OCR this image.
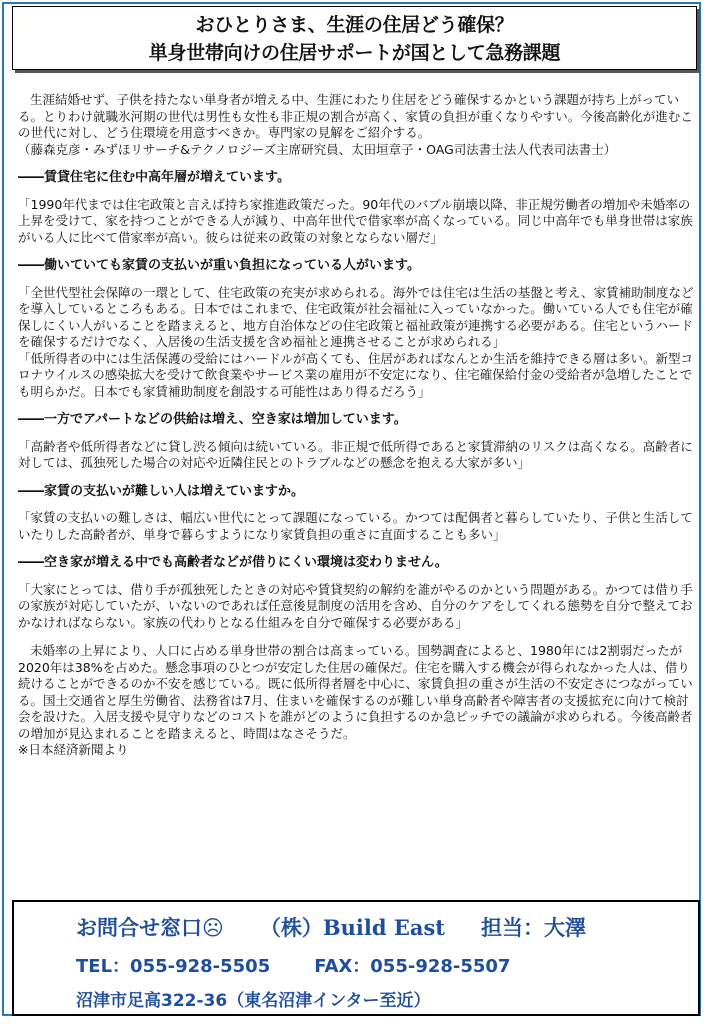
おひとりさま、生涯の住居どう確保？
単身世帯向けの住居サポートが国として急務課題

生涯結婚せず、子供を持たない単身者が増える中、生涯にわたり住居をどう確保するかという課題が持ち上がっている。とりわけ就職氷河期の世代は男性も女性も非正規の割合が高く、家賃の負担が重くなりやすい。今後高齢化が進むこの世代に対し、どう住環境を用意すべきか。専門家の見解をご紹介する。

（藤森克彦・みずほリサーチ&テクノロジーズ主席研究員、太田垣章子・OAG司法書士法人代表司法書士）

――賃貸住宅に住む中高年層が増えています。

「1990年代までは住宅政策と言えば持ち家推進政策だった。90年代のバブル崩壊以降、非正規労働者の増加や未婚率の上昇を受けて、家を持つことができる人が減り、中高年世代で借家率が高くなっている。同じ中高年でも単身世帯は家族がいる人に比べて借家率が高い。彼らは従来の政策の対象とならない層だ」

――働いていても家賃の支払いが重い負担になっている人がいます。

「全世代型社会保障の一環として、住宅政策の充実が求められる。海外では住宅は生活の基盤と考え、家賃補助制度などを導入しているところもある。日本ではこれまで、住宅政策が社会福祉に入っていなかった。働いている人でも住宅が確保しにくい人がいることを踏まえると、地方自治体などの住宅政策と福祉政策が連携する必要がある。住宅というハードを確保するだけでなく、入居後の生活支援を含め福祉と連携させることが求められる」

「低所得者の中には生活保護の受給にはハードルが高くても、住居があればなんとか生活を維持できる層は多い。新型コロナウイルスの感染拡大を受けて飲食業やサービス業の雇用が不安定になり、住宅確保給付金の受給者が急増したことでも明らかだ。日本でも家賃補助制度を創設する可能性はあり得るだろう」

――一方でアパートなどの供給は増え、空き家は増加しています。

「高齢者や低所得者などに貸し渋る傾向は続いている。非正規で低所得であると家賃滞納のリスクは高くなる。高齢者に対しては、孤独死した場合の対応や近隣住民とのトラブルなどの懸念を抱える大家が多い」

――家賃の支払いが難しい人は増えていますか。

「家賃の支払いの難しさは、幅広い世代にとって課題になっている。かつては配偶者と暮らしていたり、子供と生活していたりした高齢者が、単身で暮らすようになり家賃負担の重さに直面することも多い」

――空き家が増える中でも高齢者などが借りにくい環境は変わりません。

「大家にとっては、借り手が孤独死したときの対応や賃貸契約の解約を誰がやるのかという問題がある。かつては借り手の家族が対応していたが、いないのであれば任意後見制度の活用を含め、自分のケアをしてくれる態勢を自分で整えておかなければならない。家族の代わりとなる仕組みを自分で確保する必要がある」

未婚率の上昇により、人口に占める単身世帯の割合は高まっている。国勢調査によると、1980年には2割弱だったが2020年は38%を占めた。懸念事項のひとつが安定した住居の確保だ。住宅を購入する機会が得られなかった人は、借り続けることができるのか不安を感じている。既に低所得者層を中心に、家賃負担の重さが生活の不安定さにつながっている。国土交通省と厚生労働省、法務省は7月、住まいを確保するのが難しい単身高齢者や障害者の支援拡充に向けて検討会を設けた。入居支援や見守りなどのコストを誰がどのように負担するのか急ピッチでの議論が求められる。今後高齢者の増加が見込まれることを踏まえると、時間はなさそうだ。

※日本経済新聞より

お問合せ窓口☹ （株）Build East 担当：大澤
TEL：055-928-5505 FAX：055-928-5507
沼津市足高322-36（東名沼津インター至近）
